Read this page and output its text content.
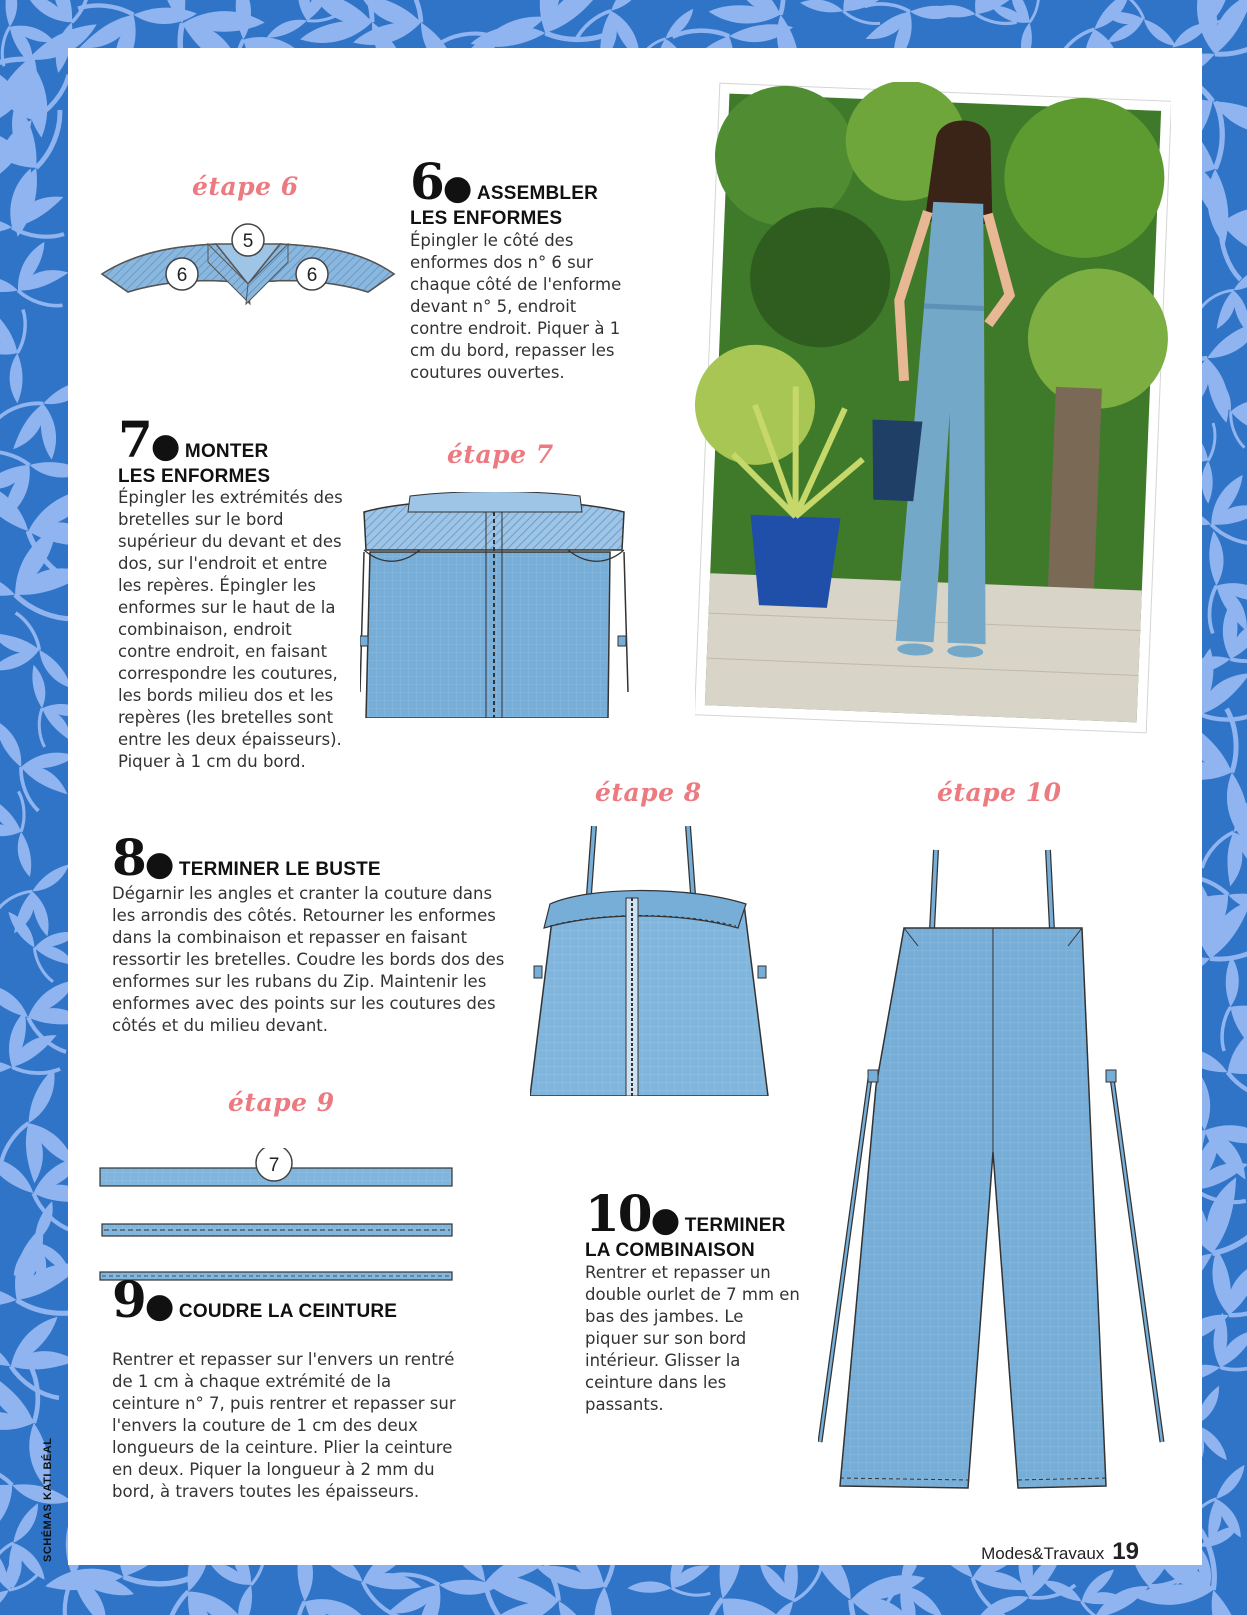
étape 6
étape 7
étape 8	étape 10
étape 9
6● ASSEMBLER
LES ENFORMES
Épingler le côté des enformes dos n° 6 sur chaque côté de l'enforme devant n° 5, endroit contre endroit. Piquer à 1 cm du bord, repasser les coutures ouvertes.
5
6	6
7● MONTER
LES ENFORMES
Épingler les extrémités des bretelles sur le bord supérieur du devant et des dos, sur l'endroit et entre les repères. Épingler les enformes sur le haut de la combinaison, endroit contre endroit, en faisant correspondre les coutures, les bords milieu dos et les repères (les bretelles sont entre les deux épaisseurs). Piquer à 1 cm du bord.
8● TERMINER LE BUSTE
Dégarnir les angles et cranter la couture dans les arrondis des côtés. Retourner les enformes dans la combinaison et repasser en faisant ressortir les bretelles. Coudre les bords dos des enformes sur les rubans du Zip. Maintenir les enformes avec des points sur les coutures des côtés et du milieu devant.
7
9● COUDRE LA CEINTURE
Rentrer et repasser sur l'envers un rentré de 1 cm à chaque extrémité de la ceinture n° 7, puis rentrer et repasser sur l'envers la couture de 1 cm des deux longueurs de la ceinture. Plier la ceinture en deux. Piquer la longueur à 2 mm du bord, à travers toutes les épaisseurs.
10● TERMINER
LA COMBINAISON
Rentrer et repasser un double ourlet de 7 mm en bas des jambes. Le piquer sur son bord intérieur. Glisser la ceinture dans les passants.
SCHÉMAS KATI BÉAL	Modes&Travaux 19
